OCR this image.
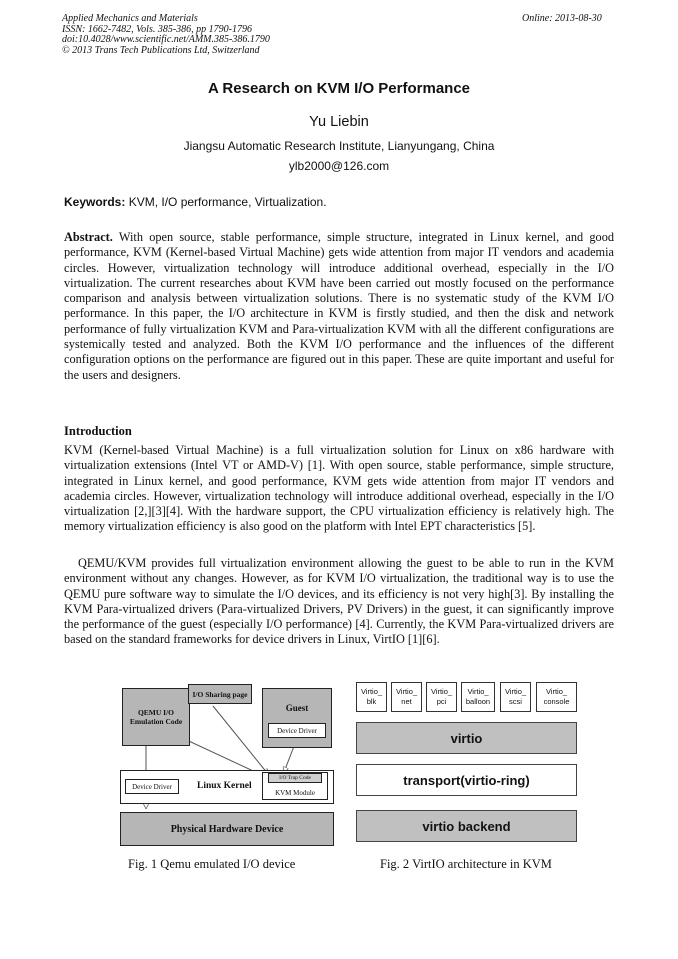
Applied Mechanics and Materials
ISSN: 1662-7482, Vols. 385-386, pp 1790-1796
doi:10.4028/www.scientific.net/AMM.385-386.1790
© 2013 Trans Tech Publications Ltd, Switzerland
Online: 2013-08-30
A Research on KVM I/O Performance
Yu Liebin
Jiangsu Automatic Research Institute, Lianyungang, China
ylb2000@126.com
Keywords: KVM, I/O performance, Virtualization.
Abstract. With open source, stable performance, simple structure, integrated in Linux kernel, and good performance, KVM (Kernel-based Virtual Machine) gets wide attention from major IT vendors and academia circles. However, virtualization technology will introduce additional overhead, especially in the I/O virtualization. The current researches about KVM have been carried out mostly focused on the performance comparison and analysis between virtualization solutions. There is no systematic study of the KVM I/O performance. In this paper, the I/O architecture in KVM is firstly studied, and then the disk and network performance of fully virtualization KVM and Para-virtualization KVM with all the different configurations are systemically tested and analyzed. Both the KVM I/O performance and the influences of the different configuration options on the performance are figured out in this paper. These are quite important and useful for the users and designers.
Introduction
KVM (Kernel-based Virtual Machine) is a full virtualization solution for Linux on x86 hardware with virtualization extensions (Intel VT or AMD-V) [1]. With open source, stable performance, simple structure, integrated in Linux kernel, and good performance, KVM gets wide attention from major IT vendors and academia circles. However, virtualization technology will introduce additional overhead, especially in the I/O virtualization [2,][3][4]. With the hardware support, the CPU virtualization efficiency is relatively high. The memory virtualization efficiency is also good on the platform with Intel EPT characteristics [5].
QEMU/KVM provides full virtualization environment allowing the guest to be able to run in the KVM environment without any changes. However, as for KVM I/O virtualization, the traditional way is to use the QEMU pure software way to simulate the I/O devices, and its efficiency is not very high[3]. By installing the KVM Para-virtualized drivers (Para-virtualized Drivers, PV Drivers) in the guest, it can significantly improve the performance of the guest (especially I/O performance) [4]. Currently, the KVM Para-virtualized drivers are based on the standard frameworks for device drivers in Linux, VirtIO [1][6].
QEMU I/O Emulation Code
I/O Sharing page
Guest
Device Driver
Linux Kernel
Device Driver
KVM Module
I/O Trap Code
Physical Hardware Device
Virtio_ blk
Virtio_ net
Virtio_ pci
Virtio_ balloon
Virtio_ scsi
Virtio_ console
virtio
transport(virtio-ring)
virtio backend
Fig. 1 Qemu emulated I/O device	Fig. 2 VirtIO architecture in KVM
